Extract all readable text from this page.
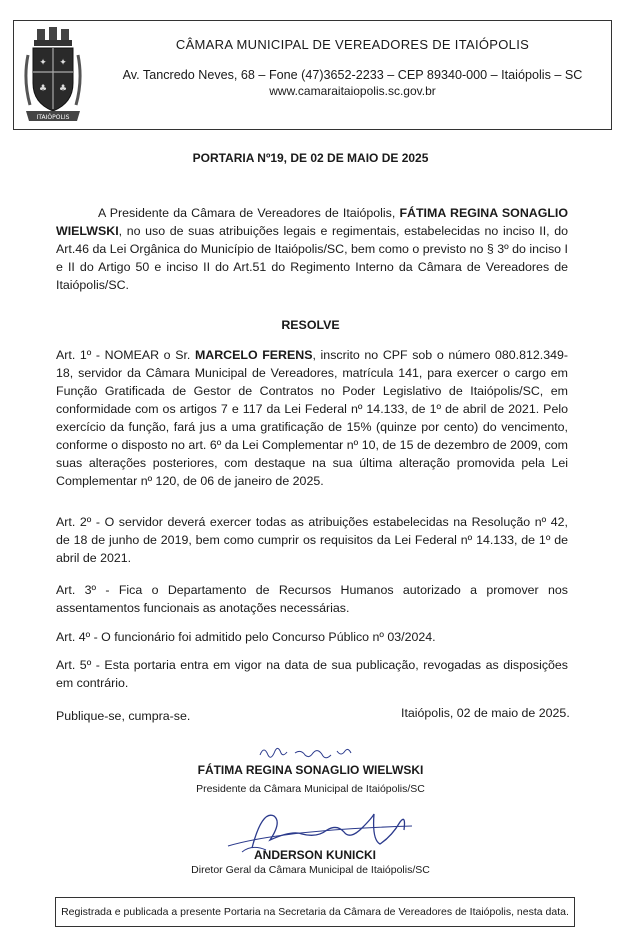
✦ ✦
♣ ♣
ITAIÓPOLIS
CÂMARA MUNICIPAL DE VEREADORES DE ITAIÓPOLIS
Av. Tancredo Neves, 68 – Fone (47)3652-2233 – CEP 89340-000 – Itaiópolis – SC
www.camaraitaiopolis.sc.gov.br
PORTARIA Nº19, DE 02 DE MAIO DE 2025

A Presidente da Câmara de Vereadores de Itaiópolis, FÁTIMA REGINA SONAGLIO WIELWSKI, no uso de suas atribuições legais e regimentais, estabelecidas no inciso II, do Art.46 da Lei Orgânica do Município de Itaiópolis/SC, bem como o previsto no § 3º do inciso I e II do Artigo 50 e inciso II do Art.51 do Regimento Interno da Câmara de Vereadores de Itaiópolis/SC.

RESOLVE

Art. 1º - NOMEAR o Sr. MARCELO FERENS, inscrito no CPF sob o número 080.812.349-18, servidor da Câmara Municipal de Vereadores, matrícula 141, para exercer o cargo em Função Gratificada de Gestor de Contratos no Poder Legislativo de Itaiópolis/SC, em conformidade com os artigos 7 e 117 da Lei Federal nº 14.133, de 1º de abril de 2021. Pelo exercício da função, fará jus a uma gratificação de 15% (quinze por cento) do vencimento, conforme o disposto no art. 6º da Lei Complementar nº 10, de 15 de dezembro de 2009, com suas alterações posteriores, com destaque na sua última alteração promovida pela Lei Complementar nº 120, de 06 de janeiro de 2025.

Art. 2º - O servidor deverá exercer todas as atribuições estabelecidas na Resolução nº 42, de 18 de junho de 2019, bem como cumprir os requisitos da Lei Federal nº 14.133, de 1º de abril de 2021.

Art. 3º - Fica o Departamento de Recursos Humanos autorizado a promover nos assentamentos funcionais as anotações necessárias.

Art. 4º - O funcionário foi admitido pelo Concurso Público nº 03/2024.

Art. 5º - Esta portaria entra em vigor na data de sua publicação, revogadas as disposições em contrário.

Publique-se, cumpra-se.	Itaiópolis, 02 de maio de 2025.
FÁTIMA REGINA SONAGLIO WIELWSKI
Presidente da Câmara Municipal de Itaiópolis/SC
ANDERSON KUNICKI
Diretor Geral da Câmara Municipal de Itaiópolis/SC
Registrada e publicada a presente Portaria na Secretaria da Câmara de Vereadores de Itaiópolis, nesta data.
